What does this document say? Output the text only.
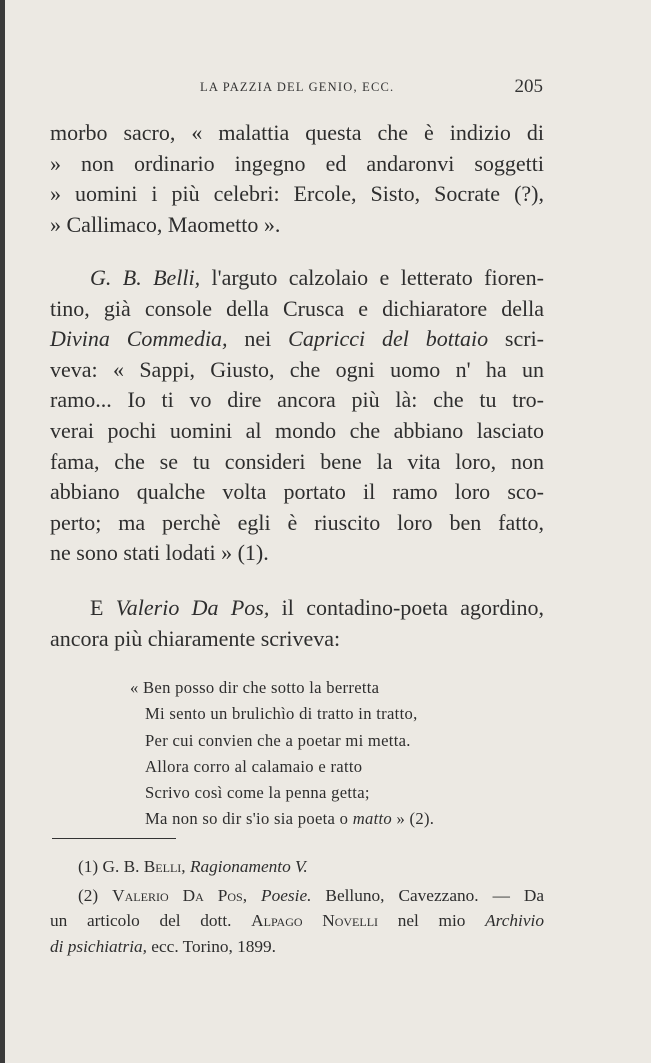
LA PAZZIA DEL GENIO, ECC.	205
morbo sacro, « malattia questa che è indizio di
» non ordinario ingegno ed andaronvi soggetti
» uomini i più celebri: Ercole, Sisto, Socrate (?),
» Callimaco, Maometto ».
G. B. Belli, l'arguto calzolaio e letterato fioren-
tino, già console della Crusca e dichiaratore della
Divina Commedia, nei Capricci del bottaio scri-
veva: « Sappi, Giusto, che ogni uomo n' ha un
ramo... Io ti vo dire ancora più là: che tu tro-
verai pochi uomini al mondo che abbiano lasciato
fama, che se tu consideri bene la vita loro, non
abbiano qualche volta portato il ramo loro sco-
perto; ma perchè egli è riuscito loro ben fatto,
ne sono stati lodati » (1).
E Valerio Da Pos, il contadino-poeta agordino,
ancora più chiaramente scriveva:
« Ben posso dir che sotto la berretta
Mi sento un brulichìo di tratto in tratto,
Per cui convien che a poetar mi metta.
Allora corro al calamaio e ratto
Scrivo così come la penna getta;
Ma non so dir s'io sia poeta o matto » (2).
(1) G. B. Belli, Ragionamento V.
(2) Valerio Da Pos, Poesie. Belluno, Cavezzano. — Da
un articolo del dott. Alpago Novelli nel mio Archivio
di psichiatria, ecc. Torino, 1899.
